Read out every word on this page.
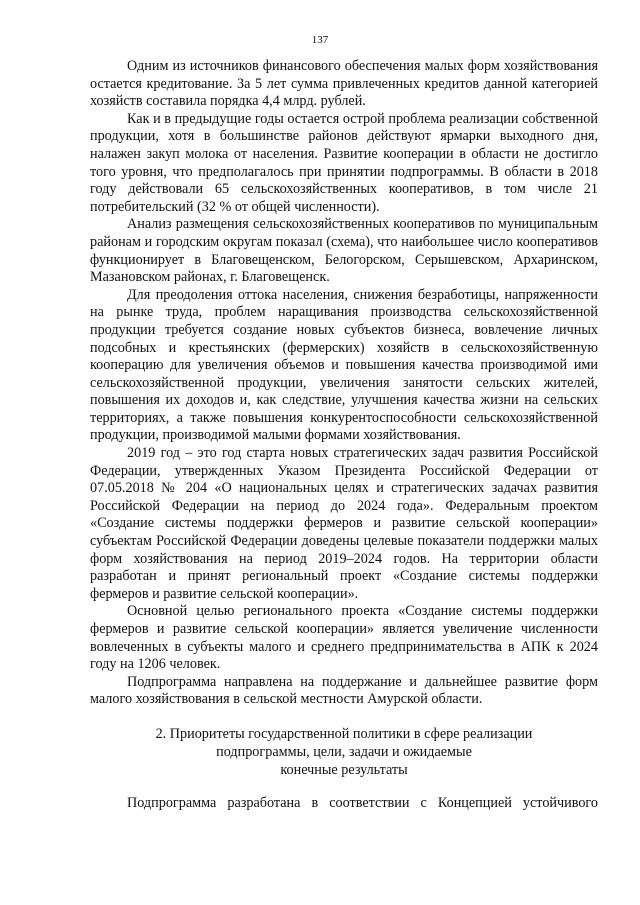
137

Одним из источников финансового обеспечения малых форм хозяйствования остается кредитование. За 5 лет сумма привлеченных кредитов данной категорией хозяйств составила порядка 4,4 млрд. рублей.

Как и в предыдущие годы остается острой проблема реализации собственной продукции, хотя в большинстве районов действуют ярмарки выходного дня, налажен закуп молока от населения. Развитие кооперации в области не достигло того уровня, что предполагалось при принятии подпрограммы. В области в 2018 году действовали 65 сельскохозяйственных кооперативов, в том числе 21 потребительский (32 % от общей численности).

Анализ размещения сельскохозяйственных кооперативов по муниципальным районам и городским округам показал (схема), что наибольшее число кооперативов функционирует в Благовещенском, Белогорском, Серышевском, Архаринском, Мазановском районах, г. Благовещенск.

Для преодоления оттока населения, снижения безработицы, напряженности на рынке труда, проблем наращивания производства сельскохозяйственной продукции требуется создание новых субъектов бизнеса, вовлечение личных подсобных и крестьянских (фермерских) хозяйств в сельскохозяйственную кооперацию для увеличения объемов и повышения качества производимой ими сельскохозяйственной продукции, увеличения занятости сельских жителей, повышения их доходов и, как следствие, улучшения качества жизни на сельских территориях, а также повышения конкурентоспособности сельскохозяйственной продукции, производимой малыми формами хозяйствования.

2019 год – это год старта новых стратегических задач развития Российской Федерации, утвержденных Указом Президента Российской Федерации от 07.05.2018 № 204 «О национальных целях и стратегических задачах развития Российской Федерации на период до 2024 года». Федеральным проектом «Создание системы поддержки фермеров и развитие сельской кооперации» субъектам Российской Федерации доведены целевые показатели поддержки малых форм хозяйствования на период 2019–2024 годов. На территории области разработан и принят региональный проект «Создание системы поддержки фермеров и развитие сельской кооперации».

Основной целью регионального проекта «Создание системы поддержки фермеров и развитие сельской кооперации» является увеличение численности вовлеченных в субъекты малого и среднего предпринимательства в АПК к 2024 году на 1206 человек.

Подпрограмма направлена на поддержание и дальнейшее развитие форм малого хозяйствования в сельской местности Амурской области.

2. Приоритеты государственной политики в сфере реализации
подпрограммы, цели, задачи и ожидаемые
конечные результаты

Подпрограмма разработана в соответствии с Концепцией устойчивого
